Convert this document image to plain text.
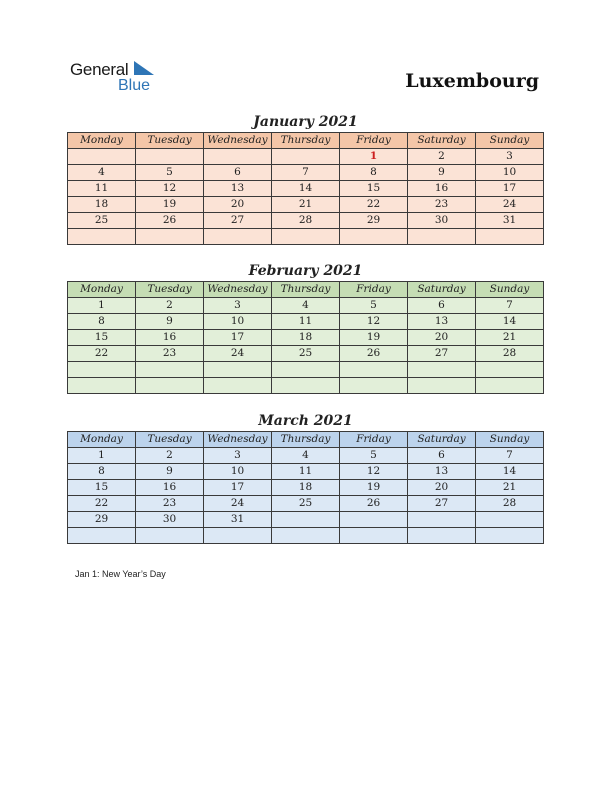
General
Blue	Luxembourg
January 2021
Monday	Tuesday	Wednesday	Thursday	Friday	Saturday	Sunday
				1	2	3
4	5	6	7	8	9	10
11	12	13	14	15	16	17
18	19	20	21	22	23	24
25	26	27	28	29	30	31

February 2021
Monday	Tuesday	Wednesday	Thursday	Friday	Saturday	Sunday
1	2	3	4	5	6	7
8	9	10	11	12	13	14
15	16	17	18	19	20	21
22	23	24	25	26	27	28

March 2021
Monday	Tuesday	Wednesday	Thursday	Friday	Saturday	Sunday
1	2	3	4	5	6	7
8	9	10	11	12	13	14
15	16	17	18	19	20	21
22	23	24	25	26	27	28
29	30	31				

Jan 1: New Year’s Day
